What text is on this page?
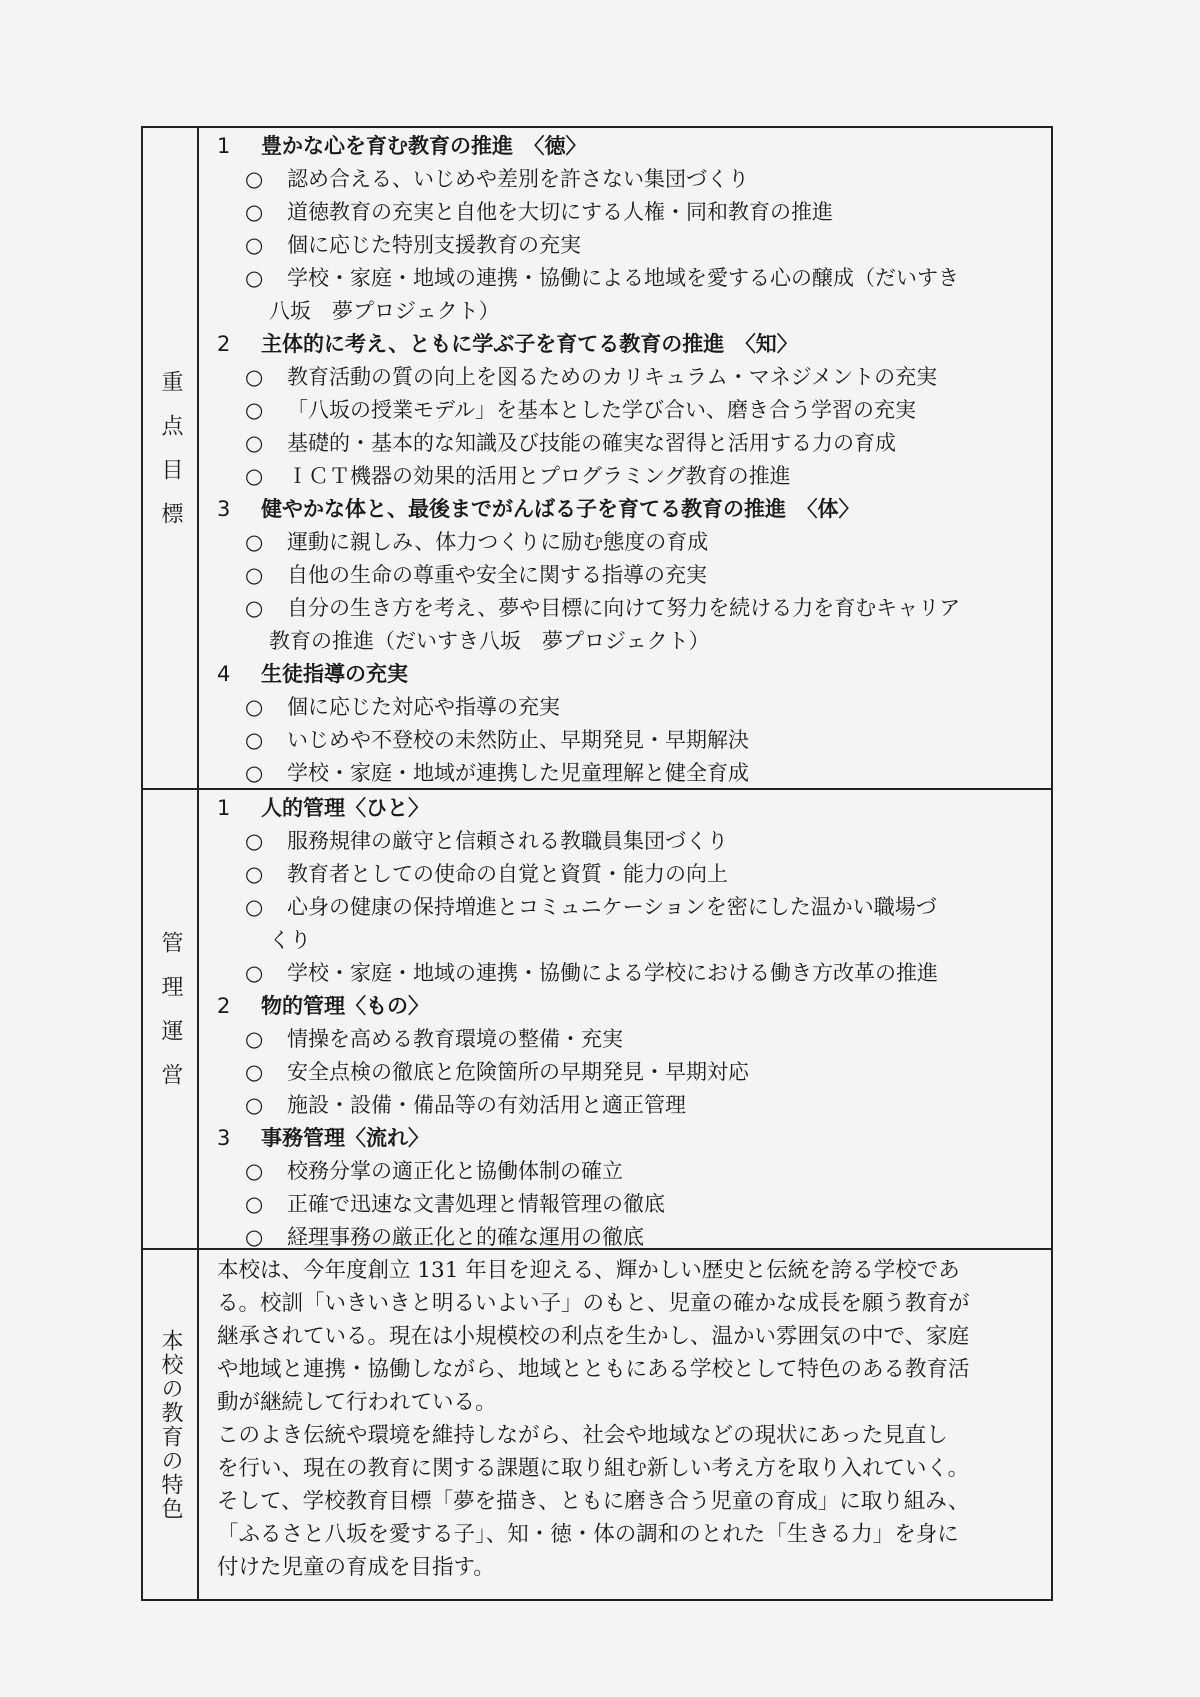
重点目標
1 豊かな心を育む教育の推進　〈徳〉
○	認め合える、いじめや差別を許さない集団づくり
○	道徳教育の充実と自他を大切にする人権・同和教育の推進
○	個に応じた特別支援教育の充実
○	学校・家庭・地域の連携・協働による地域を愛する心の醸成（だいすき
八坂　夢プロジェクト）
2 主体的に考え、ともに学ぶ子を育てる教育の推進　〈知〉
○	教育活動の質の向上を図るためのカリキュラム・マネジメントの充実
○	「八坂の授業モデル」を基本とした学び合い、磨き合う学習の充実
○	基礎的・基本的な知識及び技能の確実な習得と活用する力の育成
○	ＩＣＴ機器の効果的活用とプログラミング教育の推進
3 健やかな体と、最後までがんばる子を育てる教育の推進　〈体〉
○	運動に親しみ、体力つくりに励む態度の育成
○	自他の生命の尊重や安全に関する指導の充実
○	自分の生き方を考え、夢や目標に向けて努力を続ける力を育むキャリア
教育の推進（だいすき八坂　夢プロジェクト）
4 生徒指導の充実
○	個に応じた対応や指導の充実
○	いじめや不登校の未然防止、早期発見・早期解決
○	学校・家庭・地域が連携した児童理解と健全育成
管理運営
1 人的管理〈ひと〉
○	服務規律の厳守と信頼される教職員集団づくり
○	教育者としての使命の自覚と資質・能力の向上
○	心身の健康の保持増進とコミュニケーションを密にした温かい職場づ
くり
○	学校・家庭・地域の連携・協働による学校における働き方改革の推進
2 物的管理〈もの〉
○	情操を高める教育環境の整備・充実
○	安全点検の徹底と危険箇所の早期発見・早期対応
○	施設・設備・備品等の有効活用と適正管理
3 事務管理〈流れ〉
○	校務分掌の適正化と協働体制の確立
○	正確で迅速な文書処理と情報管理の徹底
○	経理事務の厳正化と的確な運用の徹底
本校の教育の特色
本校は、今年度創立 131 年目を迎える、輝かしい歴史と伝統を誇る学校であ
る。校訓「いきいきと明るいよい子」のもと、児童の確かな成長を願う教育が
継承されている。現在は小規模校の利点を生かし、温かい雰囲気の中で、家庭
や地域と連携・協働しながら、地域とともにある学校として特色のある教育活
動が継続して行われている。
このよき伝統や環境を維持しながら、社会や地域などの現状にあった見直し
を行い、現在の教育に関する課題に取り組む新しい考え方を取り入れていく。
そして、学校教育目標「夢を描き、ともに磨き合う児童の育成」に取り組み、
「ふるさと八坂を愛する子」、知・徳・体の調和のとれた「生きる力」を身に
付けた児童の育成を目指す。
